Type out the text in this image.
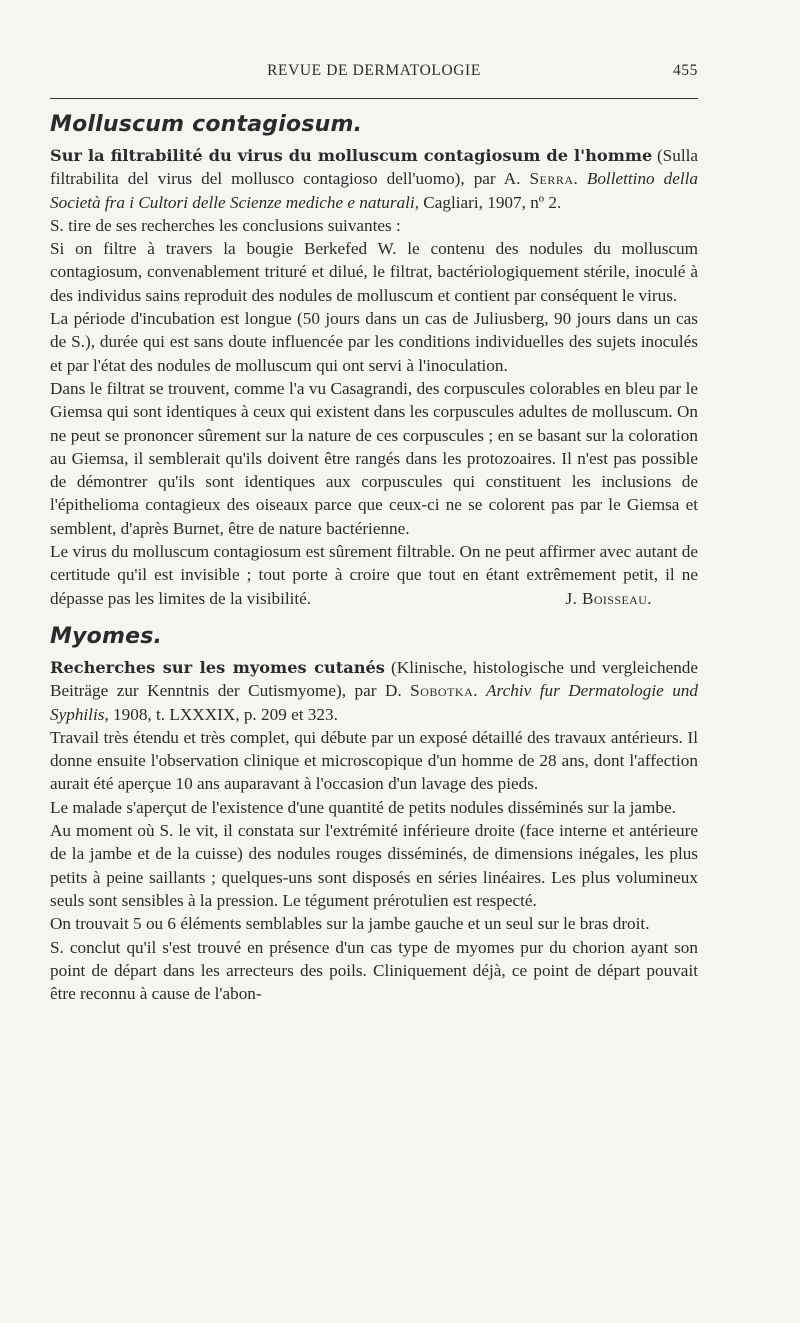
REVUE DE DERMATOLOGIE	455
Molluscum contagiosum.

Sur la filtrabilité du virus du molluscum contagiosum de l'homme (Sulla filtrabilita del virus del mollusco contagioso dell'uomo), par A. Serra. Bollettino della Società fra i Cultori delle Scienze mediche e naturali, Cagliari, 1907, nº 2.

S. tire de ses recherches les conclusions suivantes :

Si on filtre à travers la bougie Berkefed W. le contenu des nodules du molluscum contagiosum, convenablement trituré et dilué, le filtrat, bactériologiquement stérile, inoculé à des individus sains reproduit des nodules de molluscum et contient par conséquent le virus.

La période d'incubation est longue (50 jours dans un cas de Juliusberg, 90 jours dans un cas de S.), durée qui est sans doute influencée par les conditions individuelles des sujets inoculés et par l'état des nodules de molluscum qui ont servi à l'inoculation.

Dans le filtrat se trouvent, comme l'a vu Casagrandi, des corpuscules colorables en bleu par le Giemsa qui sont identiques à ceux qui existent dans les corpuscules adultes de molluscum. On ne peut se prononcer sûrement sur la nature de ces corpuscules ; en se basant sur la coloration au Giemsa, il semblerait qu'ils doivent être rangés dans les protozoaires. Il n'est pas possible de démontrer qu'ils sont identiques aux corpuscules qui constituent les inclusions de l'épithelioma contagieux des oiseaux parce que ceux-ci ne se colorent pas par le Giemsa et semblent, d'après Burnet, être de nature bactérienne.

Le virus du molluscum contagiosum est sûrement filtrable. On ne peut affirmer avec autant de certitude qu'il est invisible ; tout porte à croire que tout en étant extrêmement petit, il ne dépasse pas les limites de la visibilité.	J. Boisseau.

Myomes.

Recherches sur les myomes cutanés (Klinische, histologische und vergleichende Beiträge zur Kenntnis der Cutismyome), par D. Sobotka. Archiv fur Dermatologie und Syphilis, 1908, t. LXXXIX, p. 209 et 323.

Travail très étendu et très complet, qui débute par un exposé détaillé des travaux antérieurs. Il donne ensuite l'observation clinique et microscopique d'un homme de 28 ans, dont l'affection aurait été aperçue 10 ans auparavant à l'occasion d'un lavage des pieds.

Le malade s'aperçut de l'existence d'une quantité de petits nodules disséminés sur la jambe.

Au moment où S. le vit, il constata sur l'extrémité inférieure droite (face interne et antérieure de la jambe et de la cuisse) des nodules rouges disséminés, de dimensions inégales, les plus petits à peine saillants ; quelques-uns sont disposés en séries linéaires. Les plus volumineux seuls sont sensibles à la pression. Le tégument prérotulien est respecté.

On trouvait 5 ou 6 éléments semblables sur la jambe gauche et un seul sur le bras droit.

S. conclut qu'il s'est trouvé en présence d'un cas type de myomes pur du chorion ayant son point de départ dans les arrecteurs des poils. Cliniquement déjà, ce point de départ pouvait être reconnu à cause de l'abon-
